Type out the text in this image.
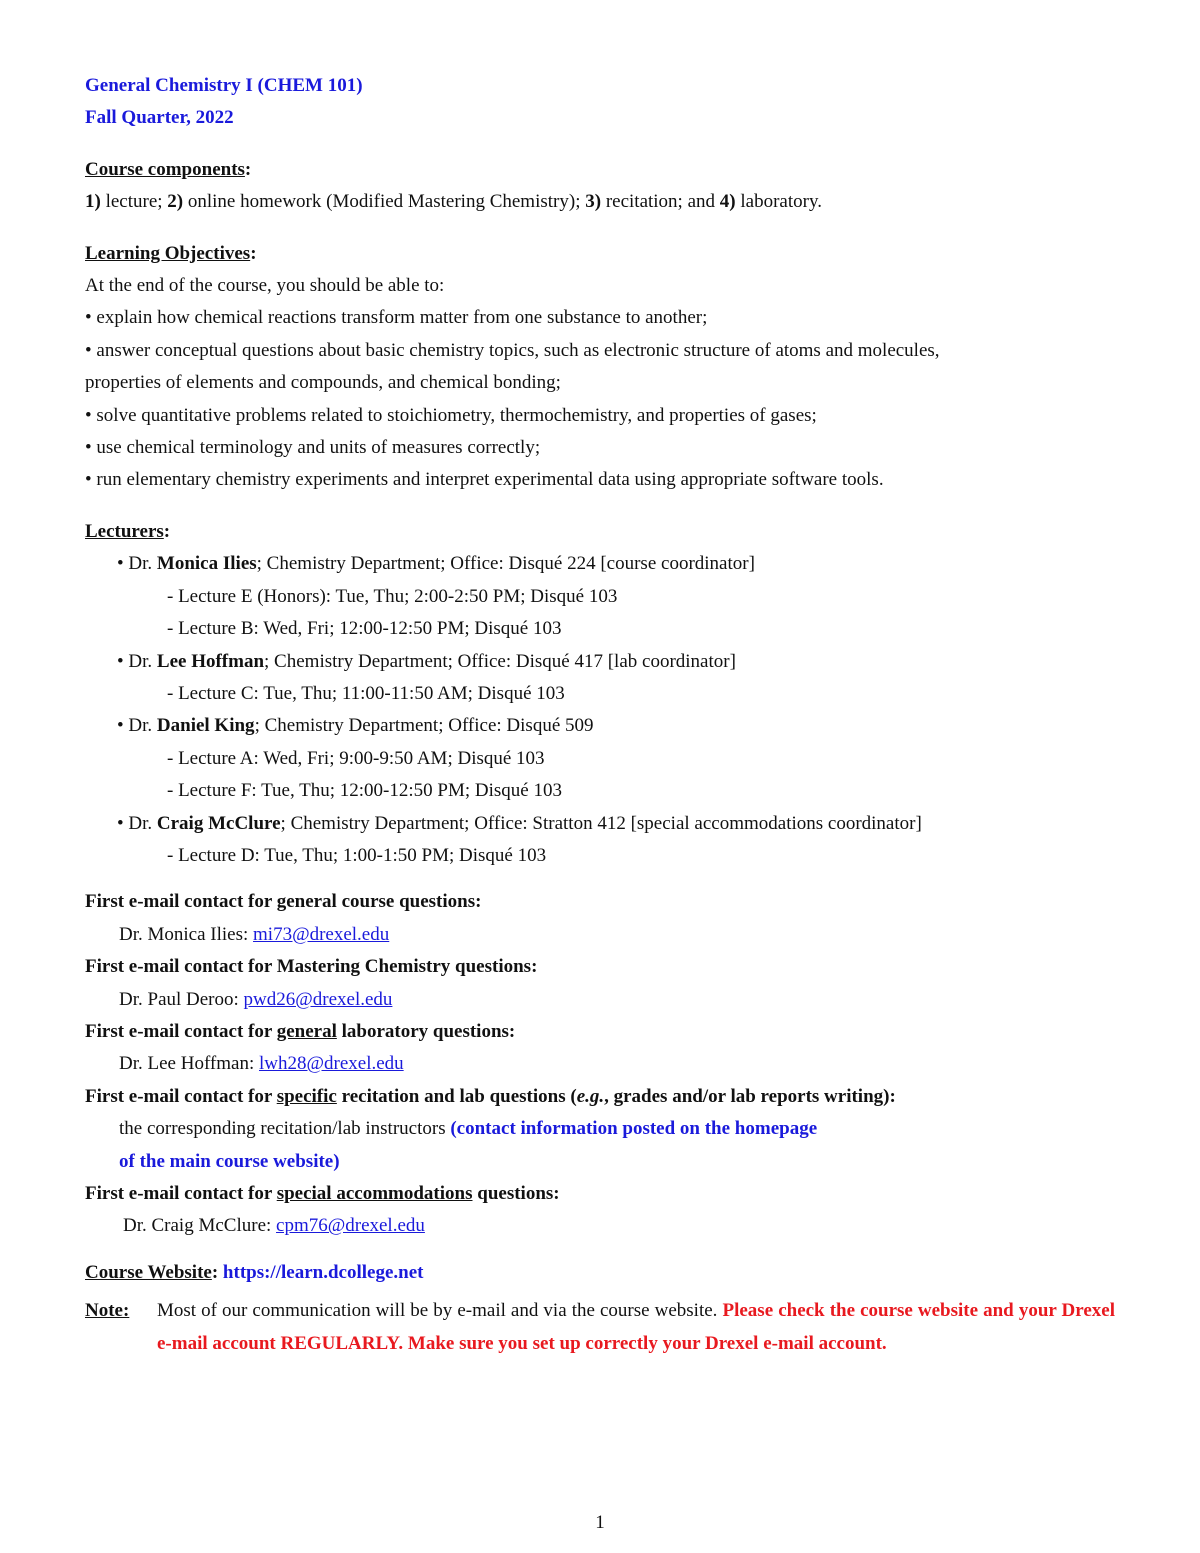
General Chemistry I (CHEM 101)
Fall Quarter, 2022
Course components:
1) lecture; 2) online homework (Modified Mastering Chemistry); 3) recitation; and 4) laboratory.
Learning Objectives:
At the end of the course, you should be able to:
• explain how chemical reactions transform matter from one substance to another;
• answer conceptual questions about basic chemistry topics, such as electronic structure of atoms and molecules,
properties of elements and compounds, and chemical bonding;
• solve quantitative problems related to stoichiometry, thermochemistry, and properties of gases;
• use chemical terminology and units of measures correctly;
• run elementary chemistry experiments and interpret experimental data using appropriate software tools.
Lecturers:
• Dr. Monica Ilies; Chemistry Department; Office: Disqué 224 [course coordinator]
- Lecture E (Honors): Tue, Thu; 2:00-2:50 PM; Disqué 103
- Lecture B: Wed, Fri; 12:00-12:50 PM; Disqué 103
• Dr. Lee Hoffman; Chemistry Department; Office: Disqué 417 [lab coordinator]
- Lecture C: Tue, Thu; 11:00-11:50 AM; Disqué 103
• Dr. Daniel King; Chemistry Department; Office: Disqué 509
- Lecture A: Wed, Fri; 9:00-9:50 AM; Disqué 103
- Lecture F: Tue, Thu; 12:00-12:50 PM; Disqué 103
• Dr. Craig McClure; Chemistry Department; Office: Stratton 412 [special accommodations coordinator]
- Lecture D: Tue, Thu; 1:00-1:50 PM; Disqué 103
First e-mail contact for general course questions:
Dr. Monica Ilies: mi73@drexel.edu
First e-mail contact for Mastering Chemistry questions:
Dr. Paul Deroo: pwd26@drexel.edu
First e-mail contact for general laboratory questions:
Dr. Lee Hoffman: lwh28@drexel.edu
First e-mail contact for specific recitation and lab questions (e.g., grades and/or lab reports writing):
the corresponding recitation/lab instructors (contact information posted on the homepage
of the main course website)
First e-mail contact for special accommodations questions:
Dr. Craig McClure: cpm76@drexel.edu
Course Website: https://learn.dcollege.net
Note:	Most of our communication will be by e-mail and via the course website. Please check the course website and your Drexel e-mail account REGULARLY. Make sure you set up correctly your Drexel e-mail account.
1
